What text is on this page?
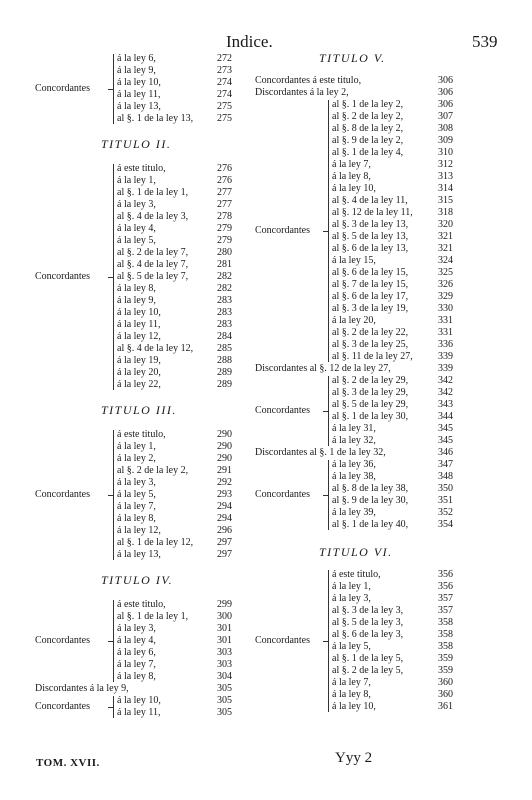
Indice.	539
Concordantes
á la ley 6,	272
á la ley 9,	273
á la ley 10,	274
á la ley 11,	274
á la ley 13,	275
al §. 1 de la ley 13, 275
TITULO II.
Concordantes
á este titulo,	276
á la ley 1,	276
al §. 1 de la ley 1,	277
á la ley 3,	277
al §. 4 de la ley 3,	278
á la ley 4,	279
á la ley 5,	279
al §. 2 de la ley 7,	280
al §. 4 de la ley 7,	281
al §. 5 de la ley 7,	282
á la ley 8,	282
á la ley 9,	283
á la ley 10,	283
á la ley 11,	283
á la ley 12,	284
al §. 4 de la ley 12, 285
á la ley 19,	288
á la ley 20,	289
á la ley 22,	289
TITULO III.
Concordantes
á este titulo,	290
á la ley 1,	290
á la ley 2,	290
al §. 2 de la ley 2,	291
á la ley 3,	292
á la ley 5,	293
á la ley 7,	294
á la ley 8,	294
á la ley 12,	296
al §. 1 de la ley 12, 297
á la ley 13,	297
TITULO IV.
Concordantes
á este titulo,	299
al §. 1 de la ley 1,	300
á la ley 3,	301
á la ley 4,	301
á la ley 6,	303
á la ley 7,	303
á la ley 8,	304
Discordantes á la ley 9,	305
Concordantes
á la ley 10,	305
á la ley 11,	305
TITULO V.
Concordantes á este titulo,	306
Discordantes á la ley 2,	306
Concordantes
al §. 1 de la ley 2,	306
al §. 2 de la ley 2,	307
al §. 8 de la ley 2,	308
al §. 9 de la ley 2,	309
al §. 1 de la ley 4,	310
á la ley 7,	312
á la ley 8,	313
á la ley 10,	314
al §. 4 de la ley 11,	315
al §. 12 de la ley 11,	318
al §. 3 de la ley 13,	320
al §. 5 de la ley 13,	321
al §. 6 de la ley 13,	321
á la ley 15,	324
al §. 6 de la ley 15,	325
al §. 7 de la ley 15,	326
al §. 6 de la ley 17,	329
al §. 3 de la ley 19,	330
á la ley 20,	331
al §. 2 de la ley 22,	331
al §. 3 de la ley 25,	336
al §. 11 de la ley 27,	339
Discordantes al §. 12 de la ley 27,	339
Concordantes
al §. 2 de la ley 29,	342
al §. 3 de la ley 29,	342
al §. 5 de la ley 29,	343
al §. 1 de la ley 30,	344
á la ley 31,	345
á la ley 32,	345
Discordantes al §. 1 de la ley 32,	346
Concordantes
á la ley 36,	347
á la ley 38,	348
al §. 8 de la ley 38,	350
al §. 9 de la ley 30,	351
á la ley 39,	352
al §. 1 de la ley 40,	354
TITULO VI.
Concordantes
á este titulo,	356
á la ley 1,	356
á la ley 3,	357
al §. 3 de la ley 3,	357
al §. 5 de la ley 3,	358
al §. 6 de la ley 3,	358
á la ley 5,	358
al §. 1 de la ley 5,	359
al §. 2 de la ley 5,	359
á la ley 7,	360
á la ley 8,	360
á la ley 10,	361
TOM. XVII.	Yyy 2
